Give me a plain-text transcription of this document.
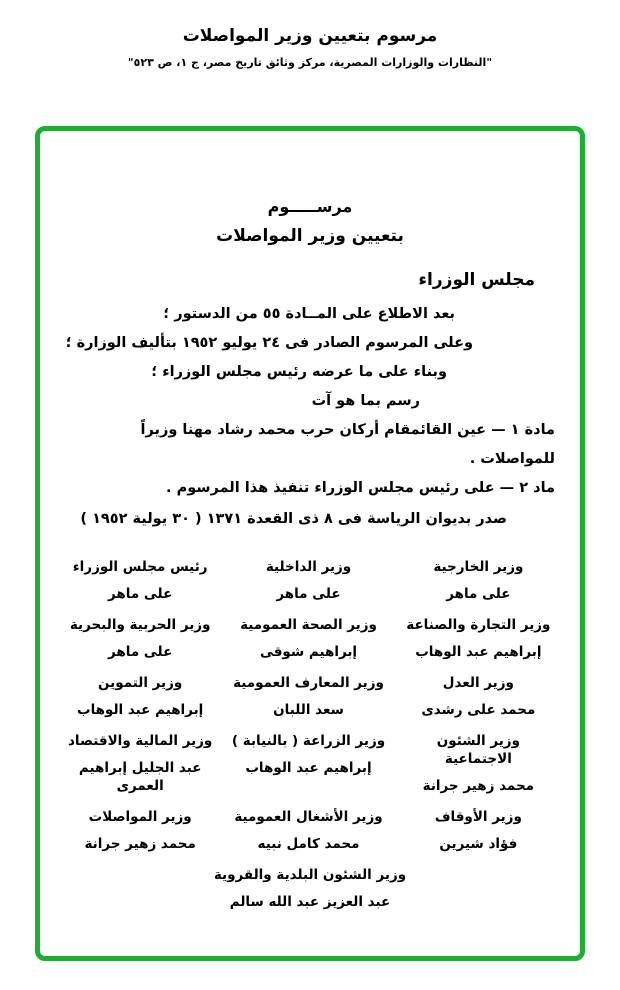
مرسوم بتعيين وزير المواصلات
"النظارات والوزارات المصرية، مركز وثائق تاريخ مصر، ج ١، ص ٥٢٣"
مرســـــوم
بتعيين وزير المواصلات
مجلس الوزراء
بعد الاطلاع على المــادة ٥٥ من الدستور ؛
وعلى المرسوم الصادر فى ٢٤ يوليو ١٩٥٢ بتأليف الوزارة ؛
وبناء على ما عرضه رئيس مجلس الوزراء ؛
رسم بما هو آت
مادة ١ — عين القائمقام أركان حرب محمد رشاد مهنا وزيراً للمواصلات .
ماد ٢ — على رئيس مجلس الوزراء تنفيذ هذا المرسوم .
صدر بديوان الرياسة فى ٨ ذى القعدة ١٣٧١ ( ٣٠ يولية ١٩٥٢ )
وزير الخارجية
على ماهر
وزير الداخلية
على ماهر
رئيس مجلس الوزراء
على ماهر
وزير التجارة والصناعة
إبراهيم عبد الوهاب
وزير الصحة العمومية
إبراهيم شوقى
وزير الحربية والبحرية
على ماهر
وزير العدل
محمد على رشدى
وزير المعارف العمومية
سعد اللبان
وزير التموين
إبراهيم عبد الوهاب
وزير الشئون الاجتماعية
محمد زهير جرانة
وزير الزراعة ( بالنيابة )
إبراهيم عبد الوهاب
وزير المالية والاقتصاد
عبد الجليل إبراهيم العمرى
وزير الأوقاف
فؤاد شيرين
وزير الأشغال العمومية
محمد كامل نبيه
وزير المواصلات
محمد زهير جرانة
وزير الشئون البلدية والقروية
عبد العزيز عبد الله سالم
